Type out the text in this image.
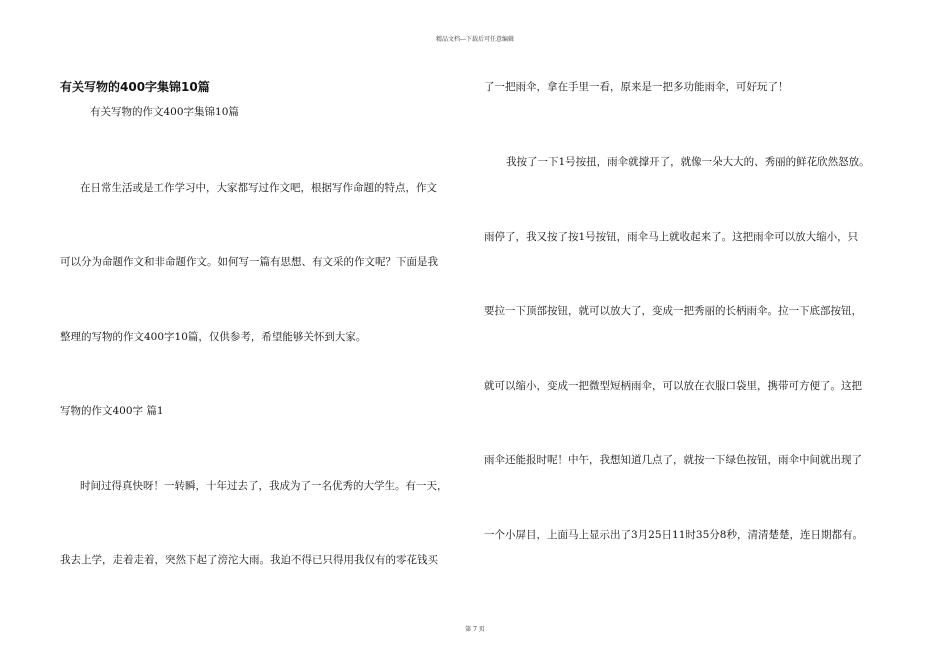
精品文档---下载后可任意编辑
有关写物的400字集锦10篇
有关写物的作文400字集锦10篇
在日常生活或是工作学习中，大家都写过作文吧，根据写作命题的特点，作文
可以分为命题作文和非命题作文。如何写一篇有思想、有文采的作文呢？下面是我
整理的写物的作文400字10篇，仅供参考，希望能够关怀到大家。
写物的作文400字 篇1
时间过得真快呀！一转瞬，十年过去了，我成为了一名优秀的大学生。有一天，
我去上学，走着走着，突然下起了滂沱大雨。我迫不得已只得用我仅有的零花钱买
了一把雨伞，拿在手里一看，原来是一把多功能雨伞，可好玩了！
我按了一下1号按扭，雨伞就撑开了，就像一朵大大的、秀丽的鲜花欣然怒放。
雨停了，我又按了按1号按钮，雨伞马上就收起来了。这把雨伞可以放大缩小，只
要拉一下顶部按钮，就可以放大了，变成一把秀丽的长柄雨伞。拉一下底部按钮，
就可以缩小，变成一把微型短柄雨伞，可以放在衣服口袋里，携带可方便了。这把
雨伞还能报时呢！中午，我想知道几点了，就按一下绿色按钮，雨伞中间就出现了
一个小屏目，上面马上显示出了3月25日11时35分8秒，清清楚楚，连日期都有。
第 7 页
